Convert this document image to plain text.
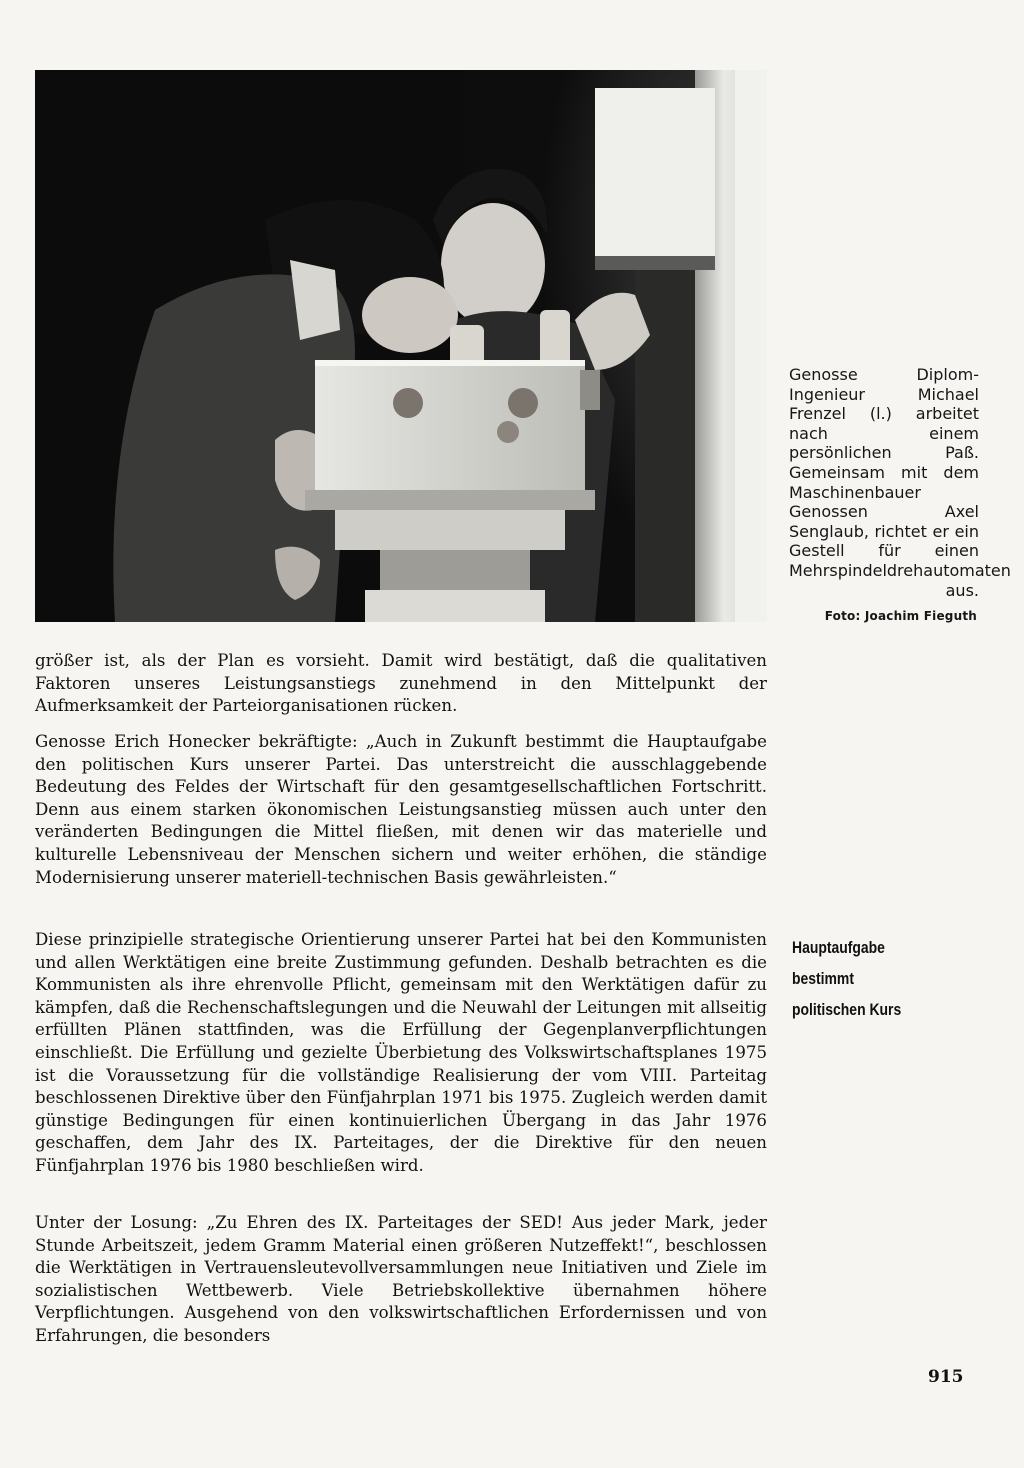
Genosse Diplom-Ingenieur Michael Frenzel (l.) arbeitet nach einem persönlichen Paß. Gemeinsam mit dem Maschinenbauer Genossen Axel Senglaub, richtet er ein Gestell für einen Mehrspindeldrehautomaten aus.
Foto: Joachim Fieguth

größer ist, als der Plan es vorsieht. Damit wird bestätigt, daß die qualitativen Faktoren unseres Leistungsanstiegs zunehmend in den Mittelpunkt der Aufmerksamkeit der Parteiorganisationen rücken.

Genosse Erich Honecker bekräftigte: „Auch in Zukunft bestimmt die Hauptaufgabe den politischen Kurs unserer Partei. Das unterstreicht die ausschlaggebende Bedeutung des Feldes der Wirtschaft für den gesamtgesellschaftlichen Fortschritt. Denn aus einem starken ökonomischen Leistungsanstieg müssen auch unter den veränderten Bedingungen die Mittel fließen, mit denen wir das materielle und kulturelle Lebensniveau der Menschen sichern und weiter erhöhen, die ständige Modernisierung unserer materiell-technischen Basis gewährleisten.“

Diese prinzipielle strategische Orientierung unserer Partei hat bei den Kommunisten und allen Werktätigen eine breite Zustimmung gefunden. Deshalb betrachten es die Kommunisten als ihre ehrenvolle Pflicht, gemeinsam mit den Werktätigen dafür zu kämpfen, daß die Rechenschaftslegungen und die Neuwahl der Leitungen mit allseitig erfüllten Plänen stattfinden, was die Erfüllung der Gegenplanverpflichtungen einschließt. Die Erfüllung und gezielte Überbietung des Volkswirtschaftsplanes 1975 ist die Voraussetzung für die vollständige Realisierung der vom VIII. Parteitag beschlossenen Direktive über den Fünfjahrplan 1971 bis 1975. Zugleich werden damit günstige Bedingungen für einen kontinuierlichen Übergang in das Jahr 1976 geschaffen, dem Jahr des IX. Parteitages, der die Direktive für den neuen Fünfjahrplan 1976 bis 1980 beschließen wird.

Unter der Losung: „Zu Ehren des IX. Parteitages der SED! Aus jeder Mark, jeder Stunde Arbeitszeit, jedem Gramm Material einen größeren Nutzeffekt!“, beschlossen die Werktätigen in Vertrauensleutevollversammlungen neue Initiativen und Ziele im sozialistischen Wettbewerb. Viele Betriebskollektive übernahmen höhere Verpflichtungen. Ausgehend von den volkswirtschaftlichen Erfordernissen und von Erfahrungen, die besonders

Hauptaufgabe
bestimmt
politischen Kurs
915
